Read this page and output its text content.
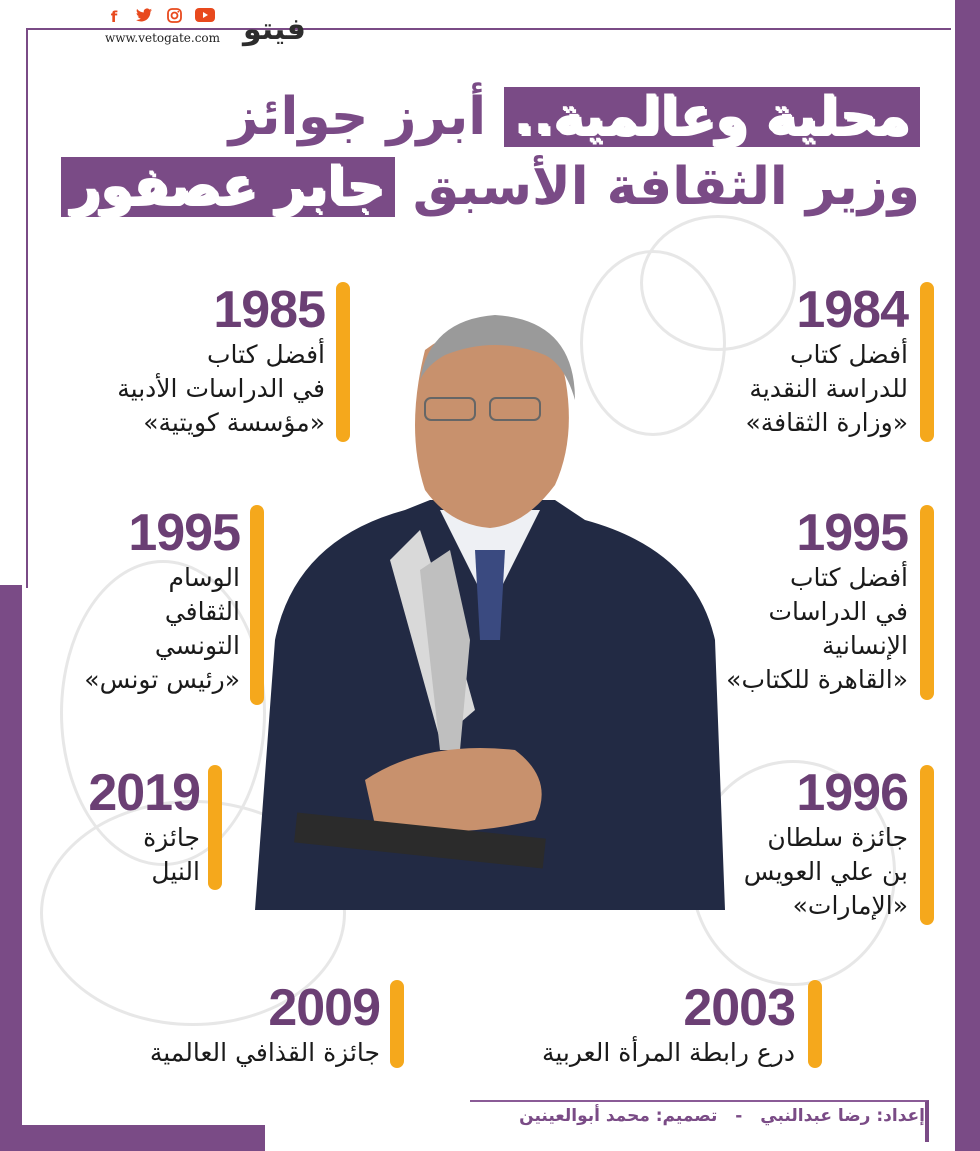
f
www.vetogate.com فيتو
محلية وعالمية.. أبرز جوائز
وزير الثقافة الأسبق جابر عصفور
1984
أفضل كتاب
للدراسة النقدية
«وزارة الثقافة»
1985
أفضل كتاب
في الدراسات الأدبية
«مؤسسة كويتية»
1995
أفضل كتاب
في الدراسات
الإنسانية
«القاهرة للكتاب»
1995
الوسام
الثقافي
التونسي
«رئيس تونس»
1996
جائزة سلطان
بن علي العويس
«الإمارات»
2019
جائزة
النيل
2003
درع رابطة المرأة العربية
2009
جائزة القذافي العالمية
إعداد: رضا عبدالنبي - تصميم: محمد أبوالعينين
